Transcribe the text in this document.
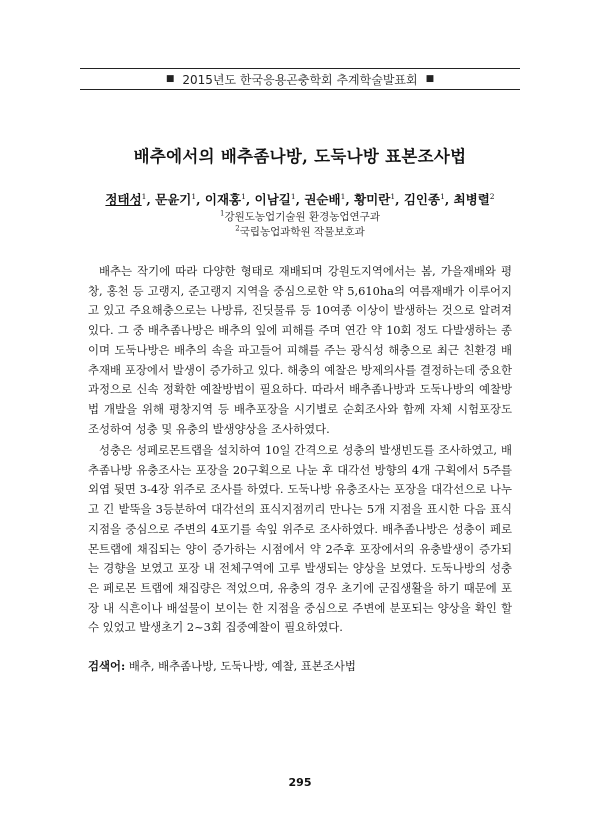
■ 2015년도 한국응용곤충학회 추계학술발표회 ■
배추에서의 배추좀나방, 도둑나방 표본조사법
정태성$^1$, 문윤기$^1$, 이재홍$^1$, 이남길$^1$, 권순배$^1$, 황미란$^1$, 김인종$^1$, 최병렬$^2$
$^1$강원도농업기술원 환경농업연구과
$^2$국립농업과학원 작물보호과

배추는 작기에 따라 다양한 형태로 재배되며 강원도지역에서는 봄, 가을재배와 평창, 홍천 등 고랭지, 준고랭지 지역을 중심으로한 약 5,610ha의 여름재배가 이루어지고 있고 주요해충으로는 나방류, 진딧물류 등 10여종 이상이 발생하는 것으로 알려져 있다. 그 중 배추좀나방은 배추의 잎에 피해를 주며 연간 약 10회 정도 다발생하는 종이며 도둑나방은 배추의 속을 파고들어 피해를 주는 광식성 해충으로 최근 친환경 배추재배 포장에서 발생이 증가하고 있다. 해충의 예찰은 방제의사를 결정하는데 중요한 과정으로 신속 정확한 예찰방법이 필요하다. 따라서 배추좀나방과 도둑나방의 예찰방법 개발을 위해 평창지역 등 배추포장을 시기별로 순회조사와 함께 자체 시험포장도 조성하여 성충 및 유충의 발생양상을 조사하였다.

성충은 성페로몬트랩을 설치하여 10일 간격으로 성충의 발생빈도를 조사하였고, 배추좀나방 유충조사는 포장을 20구획으로 나눈 후 대각선 방향의 4개 구획에서 5주를 외엽 뒷면 3-4장 위주로 조사를 하였다. 도둑나방 유충조사는 포장을 대각선으로 나누고 긴 밭뚝을 3등분하여 대각선의 표식지점끼리 만나는 5개 지점을 표시한 다음 표식지점을 중심으로 주변의 4포기를 속잎 위주로 조사하였다. 배추좀나방은 성충이 페로몬트랩에 채집되는 양이 증가하는 시점에서 약 2주후 포장에서의 유충발생이 증가되는 경향을 보였고 포장 내 전체구역에 고루 발생되는 양상을 보였다. 도둑나방의 성충은 페로몬 트랩에 채집량은 적었으며, 유충의 경우 초기에 군집생활을 하기 때문에 포장 내 식흔이나 배설물이 보이는 한 지점을 중심으로 주변에 분포되는 양상을 확인 할 수 있었고 발생초기 2~3회 집중예찰이 필요하였다.

검색어: 배추, 배추좀나방, 도둑나방, 예찰, 표본조사법
295
